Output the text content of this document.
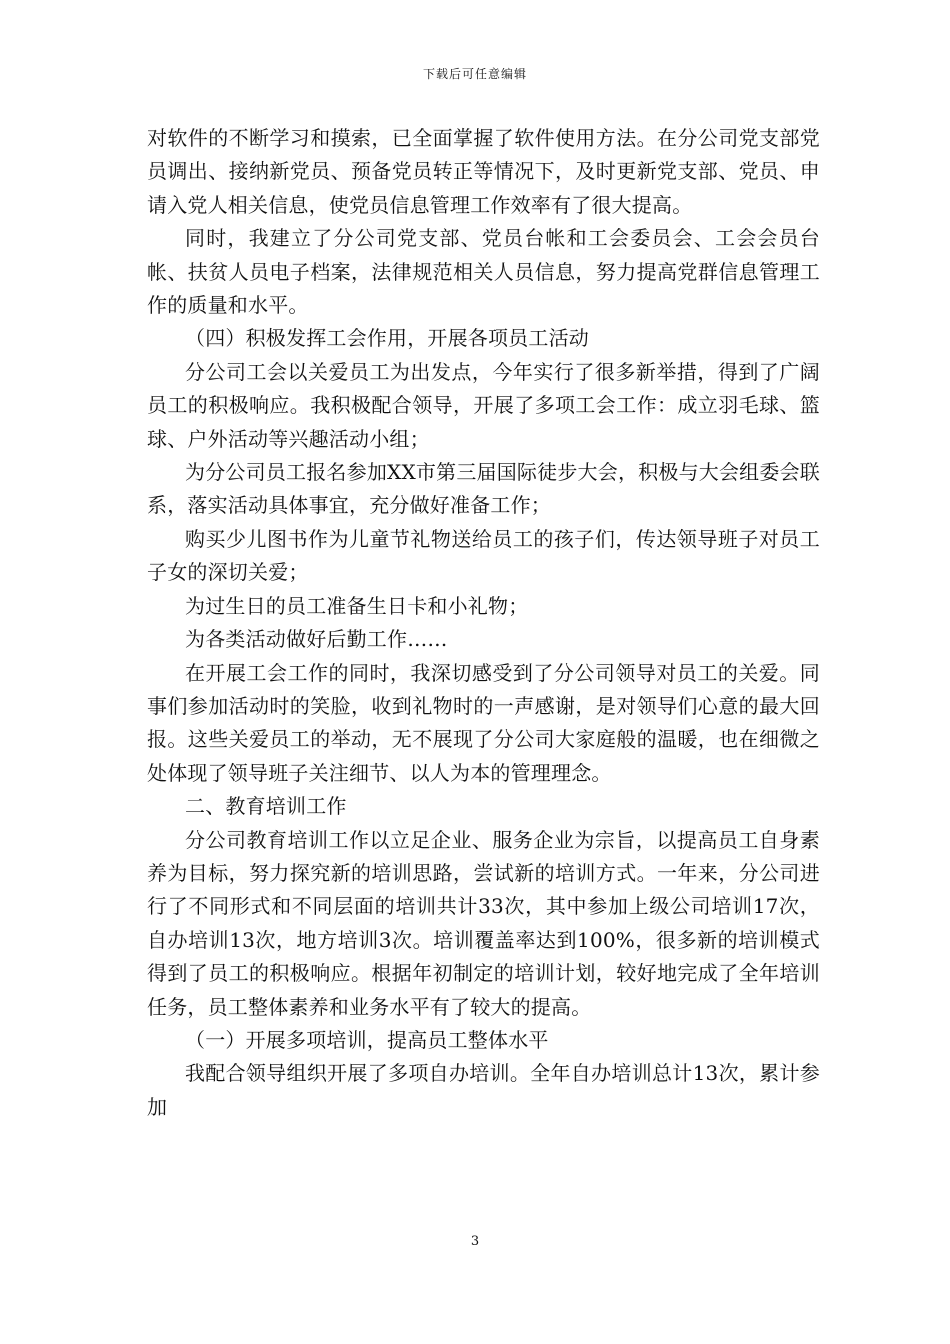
下载后可任意编辑

对软件的不断学习和摸索，已全面掌握了软件使用方法。在分公司党支部党员调出、接纳新党员、预备党员转正等情况下，及时更新党支部、党员、申请入党人相关信息，使党员信息管理工作效率有了很大提高。

同时，我建立了分公司党支部、党员台帐和工会委员会、工会会员台帐、扶贫人员电子档案，法律规范相关人员信息，努力提高党群信息管理工作的质量和水平。

（四）积极发挥工会作用，开展各项员工活动

分公司工会以关爱员工为出发点，今年实行了很多新举措，得到了广阔员工的积极响应。我积极配合领导，开展了多项工会工作：成立羽毛球、篮球、户外活动等兴趣活动小组；

为分公司员工报名参加XX市第三届国际徒步大会，积极与大会组委会联系，落实活动具体事宜，充分做好准备工作；

购买少儿图书作为儿童节礼物送给员工的孩子们，传达领导班子对员工子女的深切关爱；

为过生日的员工准备生日卡和小礼物；

为各类活动做好后勤工作……

在开展工会工作的同时，我深切感受到了分公司领导对员工的关爱。同事们参加活动时的笑脸，收到礼物时的一声感谢，是对领导们心意的最大回报。这些关爱员工的举动，无不展现了分公司大家庭般的温暖，也在细微之处体现了领导班子关注细节、以人为本的管理理念。

二、教育培训工作

分公司教育培训工作以立足企业、服务企业为宗旨，以提高员工自身素养为目标，努力探究新的培训思路，尝试新的培训方式。一年来，分公司进行了不同形式和不同层面的培训共计33次，其中参加上级公司培训17次，自办培训13次，地方培训3次。培训覆盖率达到100%，很多新的培训模式得到了员工的积极响应。根据年初制定的培训计划，较好地完成了全年培训任务，员工整体素养和业务水平有了较大的提高。

（一）开展多项培训，提高员工整体水平

我配合领导组织开展了多项自办培训。全年自办培训总计13次，累计参加

3
